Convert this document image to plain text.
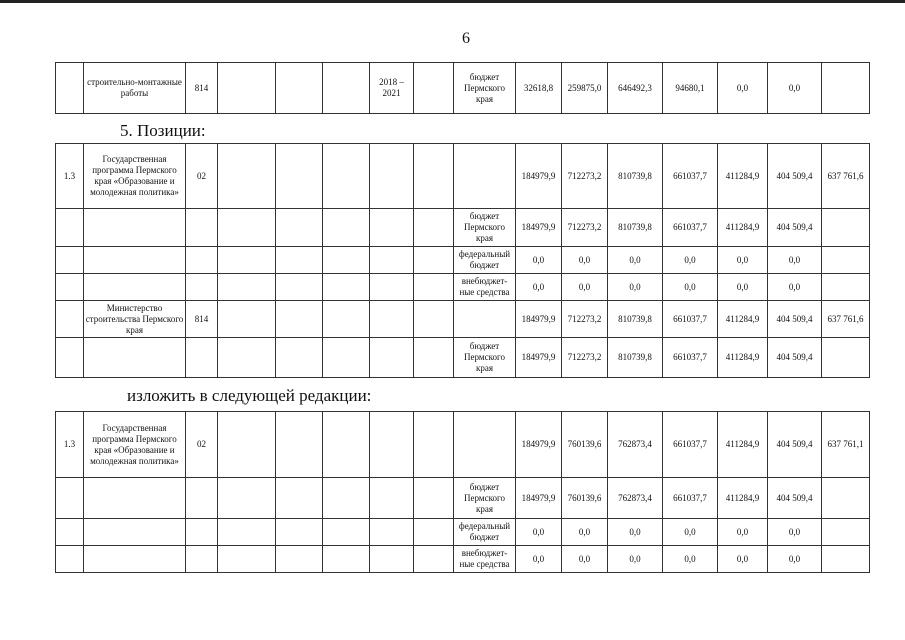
6
	строительно-монтажные работы	814				2018 – 2021		бюджет Пермского края	32618,8	259875,0	646492,3	94680,1	0,0	0,0	
5. Позиции:
1.3	Государственная программа Пермского края «Образование и молодежная политика»	02							184979,9	712273,2	810739,8	661037,7	411284,9	404 509,4	637 761,6
								бюджет Пермского края	184979,9	712273,2	810739,8	661037,7	411284,9	404 509,4	
								федеральный бюджет	0,0	0,0	0,0	0,0	0,0	0,0	
								внебюджет-ные средства	0,0	0,0	0,0	0,0	0,0	0,0	
	Министерство строительства Пермского края	814							184979,9	712273,2	810739,8	661037,7	411284,9	404 509,4	637 761,6
								бюджет Пермского края	184979,9	712273,2	810739,8	661037,7	411284,9	404 509,4	
изложить в следующей редакции:
1.3	Государственная программа Пермского края «Образование и молодежная политика»	02							184979,9	760139,6	762873,4	661037,7	411284,9	404 509,4	637 761,1
								бюджет Пермского края	184979,9	760139,6	762873,4	661037,7	411284,9	404 509,4	
								федеральный бюджет	0,0	0,0	0,0	0,0	0,0	0,0	
								внебюджет-ные средства	0,0	0,0	0,0	0,0	0,0	0,0	
